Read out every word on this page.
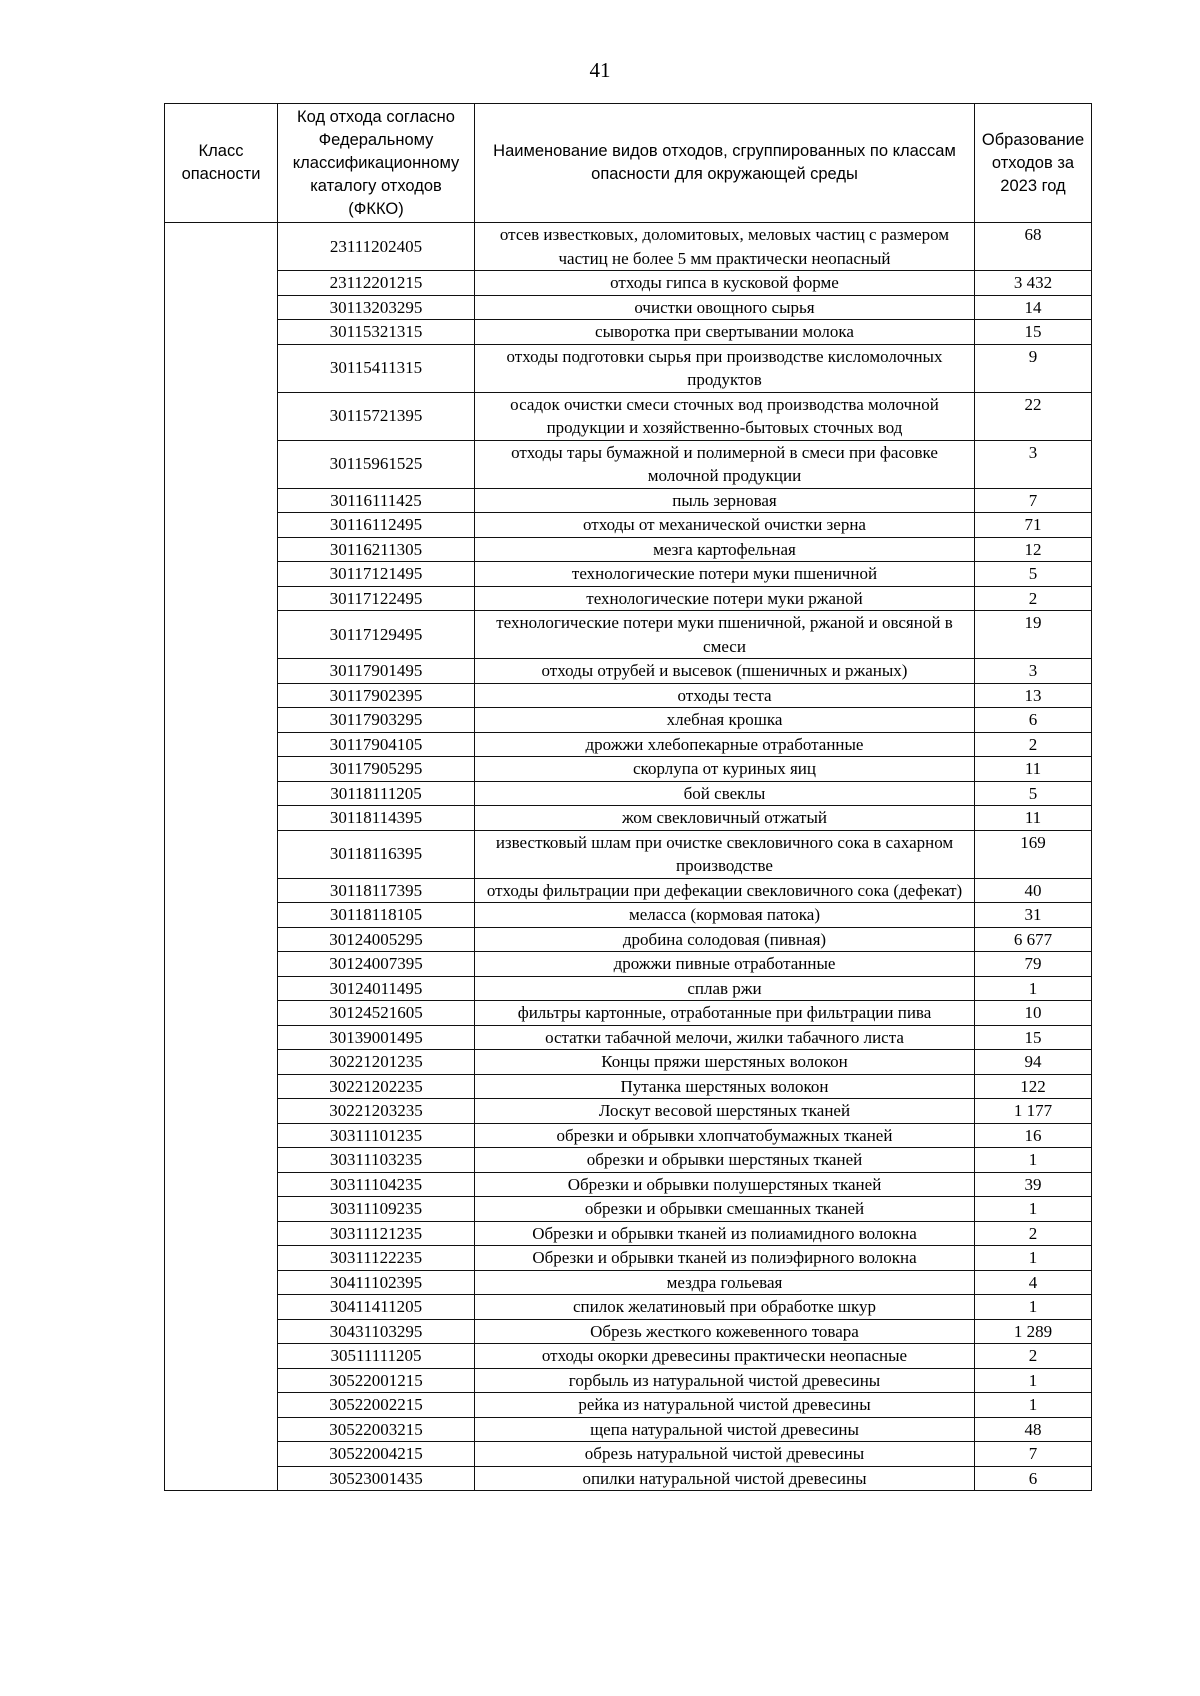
41
Класс опасности	Код отхода согласно Федеральному классификационному каталогу отходов (ФККО)	Наименование видов отходов, сгруппированных по классам опасности для окружающей среды	Образование отходов за 2023 год
	23111202405	отсев известковых, доломитовых, меловых частиц с размером частиц не более 5 мм практически неопасный	68
	23112201215	отходы гипса в кусковой форме	3 432
	30113203295	очистки овощного сырья	14
	30115321315	сыворотка при свертывании молока	15
	30115411315	отходы подготовки сырья при производстве кисломолочных продуктов	9
	30115721395	осадок очистки смеси сточных вод производства молочной продукции и хозяйственно-бытовых сточных вод	22
	30115961525	отходы тары бумажной и полимерной в смеси при фасовке молочной продукции	3
	30116111425	пыль зерновая	7
	30116112495	отходы от механической очистки зерна	71
	30116211305	мезга картофельная	12
	30117121495	технологические потери муки пшеничной	5
	30117122495	технологические потери муки ржаной	2
	30117129495	технологические потери муки пшеничной, ржаной и овсяной в смеси	19
	30117901495	отходы отрубей и высевок (пшеничных и ржаных)	3
	30117902395	отходы теста	13
	30117903295	хлебная крошка	6
	30117904105	дрожжи хлебопекарные отработанные	2
	30117905295	скорлупа от куриных яиц	11
	30118111205	бой свеклы	5
	30118114395	жом свекловичный отжатый	11
	30118116395	известковый шлам при очистке свекловичного сока в сахарном производстве	169
	30118117395	отходы фильтрации при дефекации свекловичного сока (дефекат)	40
	30118118105	меласса (кормовая патока)	31
	30124005295	дробина солодовая (пивная)	6 677
	30124007395	дрожжи пивные отработанные	79
	30124011495	сплав ржи	1
	30124521605	фильтры картонные, отработанные при фильтрации пива	10
	30139001495	остатки табачной мелочи, жилки табачного листа	15
	30221201235	Концы пряжи шерстяных волокон	94
	30221202235	Путанка шерстяных волокон	122
	30221203235	Лоскут весовой шерстяных тканей	1 177
	30311101235	обрезки и обрывки хлопчатобумажных тканей	16
	30311103235	обрезки и обрывки шерстяных тканей	1
	30311104235	Обрезки и обрывки полушерстяных тканей	39
	30311109235	обрезки и обрывки смешанных тканей	1
	30311121235	Обрезки и обрывки тканей из полиамидного волокна	2
	30311122235	Обрезки и обрывки тканей из полиэфирного волокна	1
	30411102395	мездра гольевая	4
	30411411205	спилок желатиновый при обработке шкур	1
	30431103295	Обрезь жесткого кожевенного товара	1 289
	30511111205	отходы окорки древесины практически неопасные	2
	30522001215	горбыль из натуральной чистой древесины	1
	30522002215	рейка из натуральной чистой древесины	1
	30522003215	щепа натуральной чистой древесины	48
	30522004215	обрезь натуральной чистой древесины	7
	30523001435	опилки натуральной чистой древесины	6
